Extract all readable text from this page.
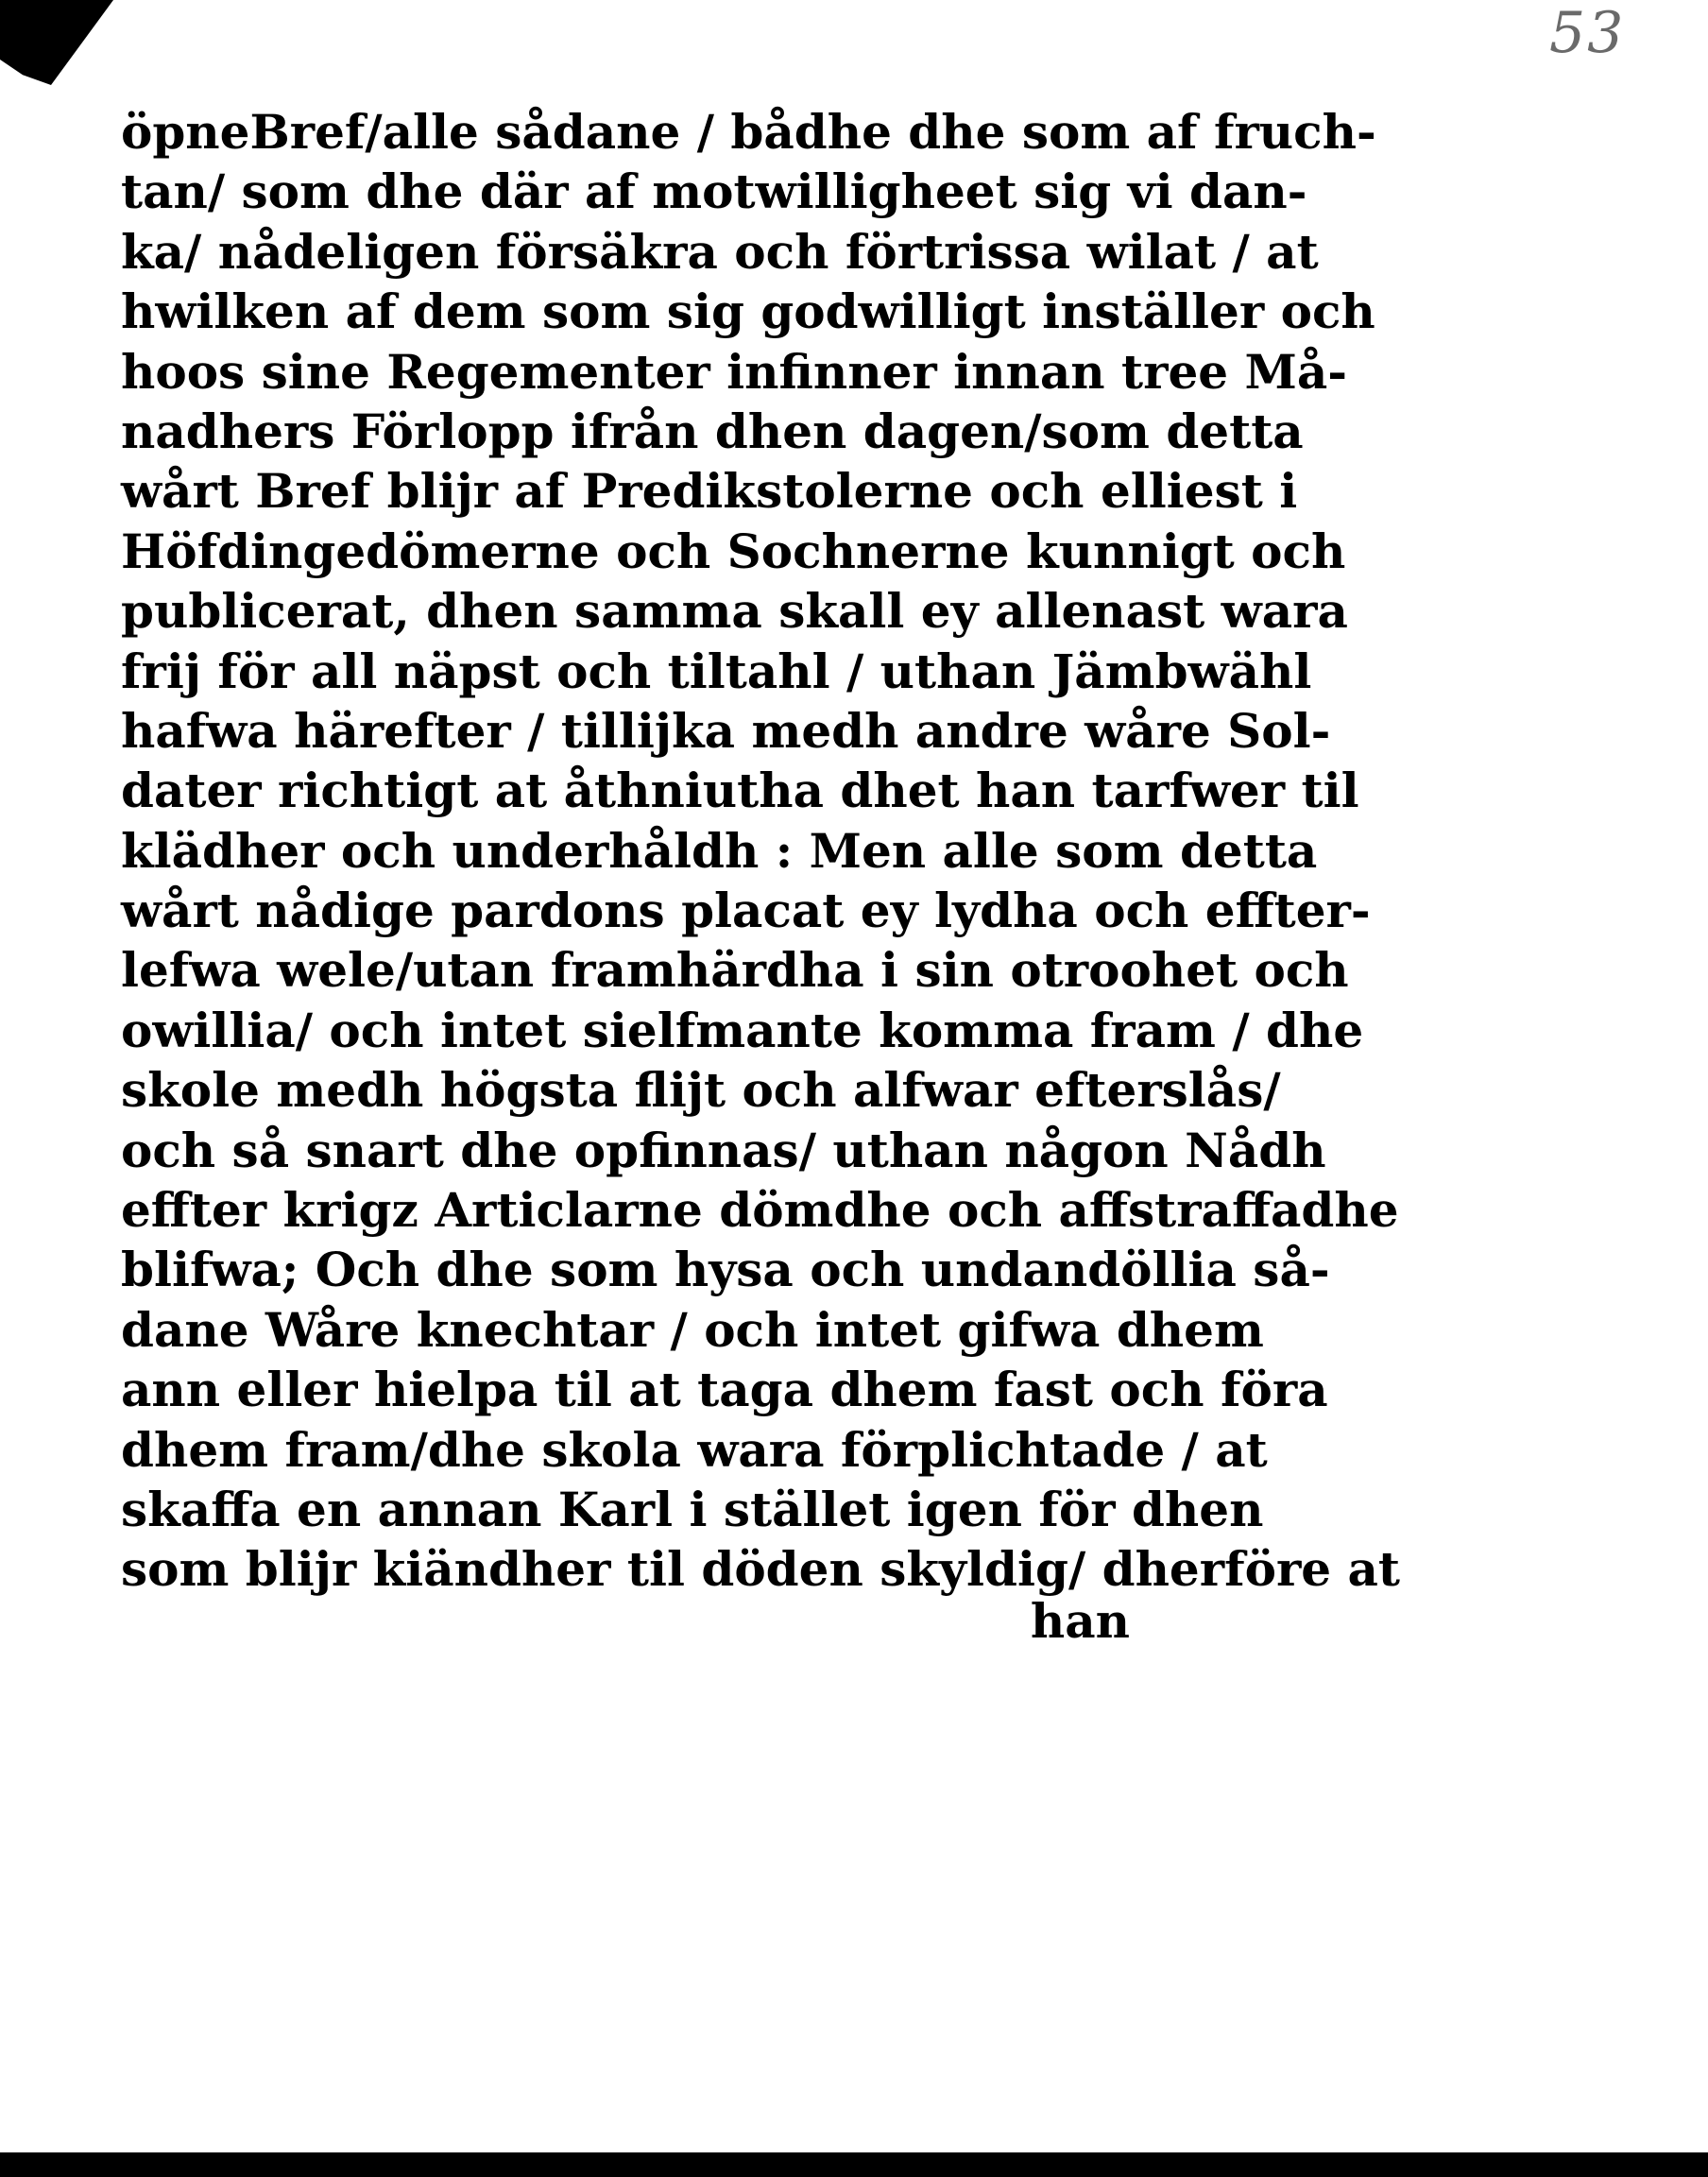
53
öpneBref/alle sådane / bådhe dhe som af fruch-
tan/ som dhe där af motwilligheet sig vi dan-
ka/ nådeligen försäkra och förtrissa wilat / at
hwilken af dem som sig godwilligt inställer och
hoos sine Regementer infinner innan tree Må-
nadhers Förlopp ifrån dhen dagen/som detta
wårt Bref blijr af Predikstolerne och elliest i
Höfdingedömerne och Sochnerne kunnigt och
publicerat, dhen samma skall ey allenast wara
frij för all näpst och tiltahl / uthan Jämbwähl
hafwa härefter / tillijka medh andre wåre Sol-
dater richtigt at åthniutha dhet han tarfwer til
klädher och underhåldh : Men alle som detta
wårt nådige pardons placat ey lydha och effter-
lefwa wele/utan framhärdha i sin otroohet och
owillia/ och intet sielfmante komma fram / dhe
skole medh högsta flijt och alfwar efterslås/
och så snart dhe opfinnas/ uthan någon Nådh
effter krigz Articlarne dömdhe och affstraffadhe
blifwa; Och dhe som hysa och undandöllia så-
dane Wåre knechtar / och intet gifwa dhem
ann eller hielpa til at taga dhem fast och föra
dhem fram/dhe skola wara förplichtade / at
skaffa en annan Karl i stället igen för dhen
som blijr kiändher til döden skyldig/ dherföre at
han
